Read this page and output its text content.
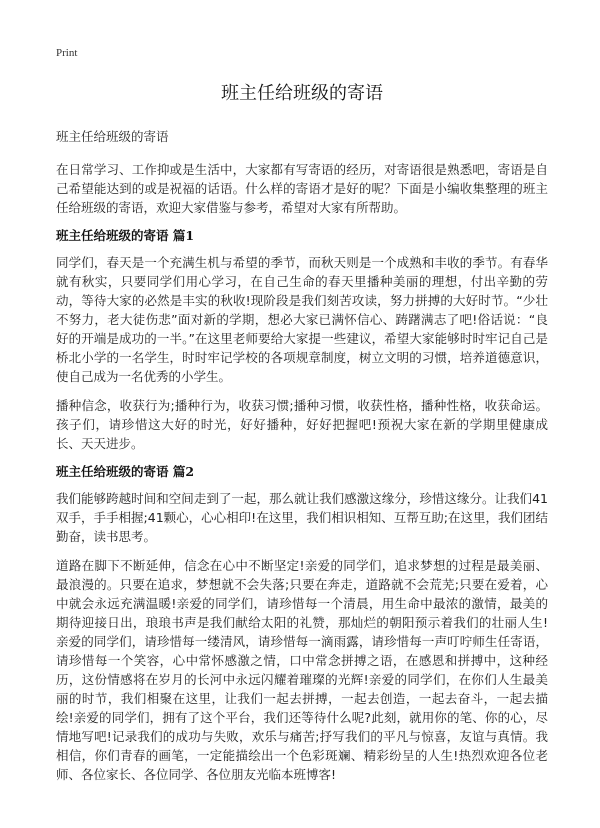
Print
班主任给班级的寄语
班主任给班级的寄语

在日常学习、工作抑或是生活中，大家都有写寄语的经历，对寄语很是熟悉吧，寄语是自己希望能达到的或是祝福的话语。什么样的寄语才是好的呢？下面是小编收集整理的班主任给班级的寄语，欢迎大家借鉴与参考，希望对大家有所帮助。

班主任给班级的寄语 篇1

同学们，春天是一个充满生机与希望的季节，而秋天则是一个成熟和丰收的季节。有春华就有秋实，只要同学们用心学习，在自己生命的春天里播种美丽的理想，付出辛勤的劳动，等待大家的必然是丰实的秋收!现阶段是我们刻苦攻读，努力拼搏的大好时节。“少壮不努力，老大徒伤悲”面对新的学期，想必大家已满怀信心、踌躇满志了吧!俗话说：“良好的开端是成功的一半。”在这里老师要给大家提一些建议，希望大家能够时时牢记自己是桥北小学的一名学生，时时牢记学校的各项规章制度，树立文明的习惯，培养道德意识，使自己成为一名优秀的小学生。

播种信念，收获行为;播种行为，收获习惯;播种习惯，收获性格，播种性格，收获命运。孩子们，请珍惜这大好的时光，好好播种，好好把握吧!预祝大家在新的学期里健康成长、天天进步。

班主任给班级的寄语 篇2

我们能够跨越时间和空间走到了一起，那么就让我们感激这缘分，珍惜这缘分。让我们41双手，手手相握;41颗心，心心相印!在这里，我们相识相知、互帮互助;在这里，我们团结勤奋，读书思考。

道路在脚下不断延伸，信念在心中不断坚定!亲爱的同学们，追求梦想的过程是最美丽、最浪漫的。只要在追求，梦想就不会失落;只要在奔走，道路就不会荒芜;只要在爱着，心中就会永远充满温暖!亲爱的同学们，请珍惜每一个清晨，用生命中最浓的激情，最美的期待迎接日出，琅琅书声是我们献给太阳的礼赞，那灿烂的朝阳预示着我们的壮丽人生!亲爱的同学们，请珍惜每一缕清风，请珍惜每一滴雨露，请珍惜每一声叮咛师生任寄语，请珍惜每一个笑容，心中常怀感激之情，口中常念拼搏之语，在感恩和拼搏中，这种经历，这份情感将在岁月的长河中永远闪耀着璀璨的光辉!亲爱的同学们，在你们人生最美丽的时节，我们相聚在这里，让我们一起去拼搏，一起去创造，一起去奋斗，一起去描绘!亲爱的同学们，拥有了这个平台，我们还等待什么呢?此刻，就用你的笔、你的心，尽情地写吧!记录我们的成功与失败，欢乐与痛苦;抒写我们的平凡与惊喜，友谊与真情。我相信，你们青春的画笔，一定能描绘出一个色彩斑斓、精彩纷呈的人生!热烈欢迎各位老师、各位家长、各位同学、各位朋友光临本班博客!
